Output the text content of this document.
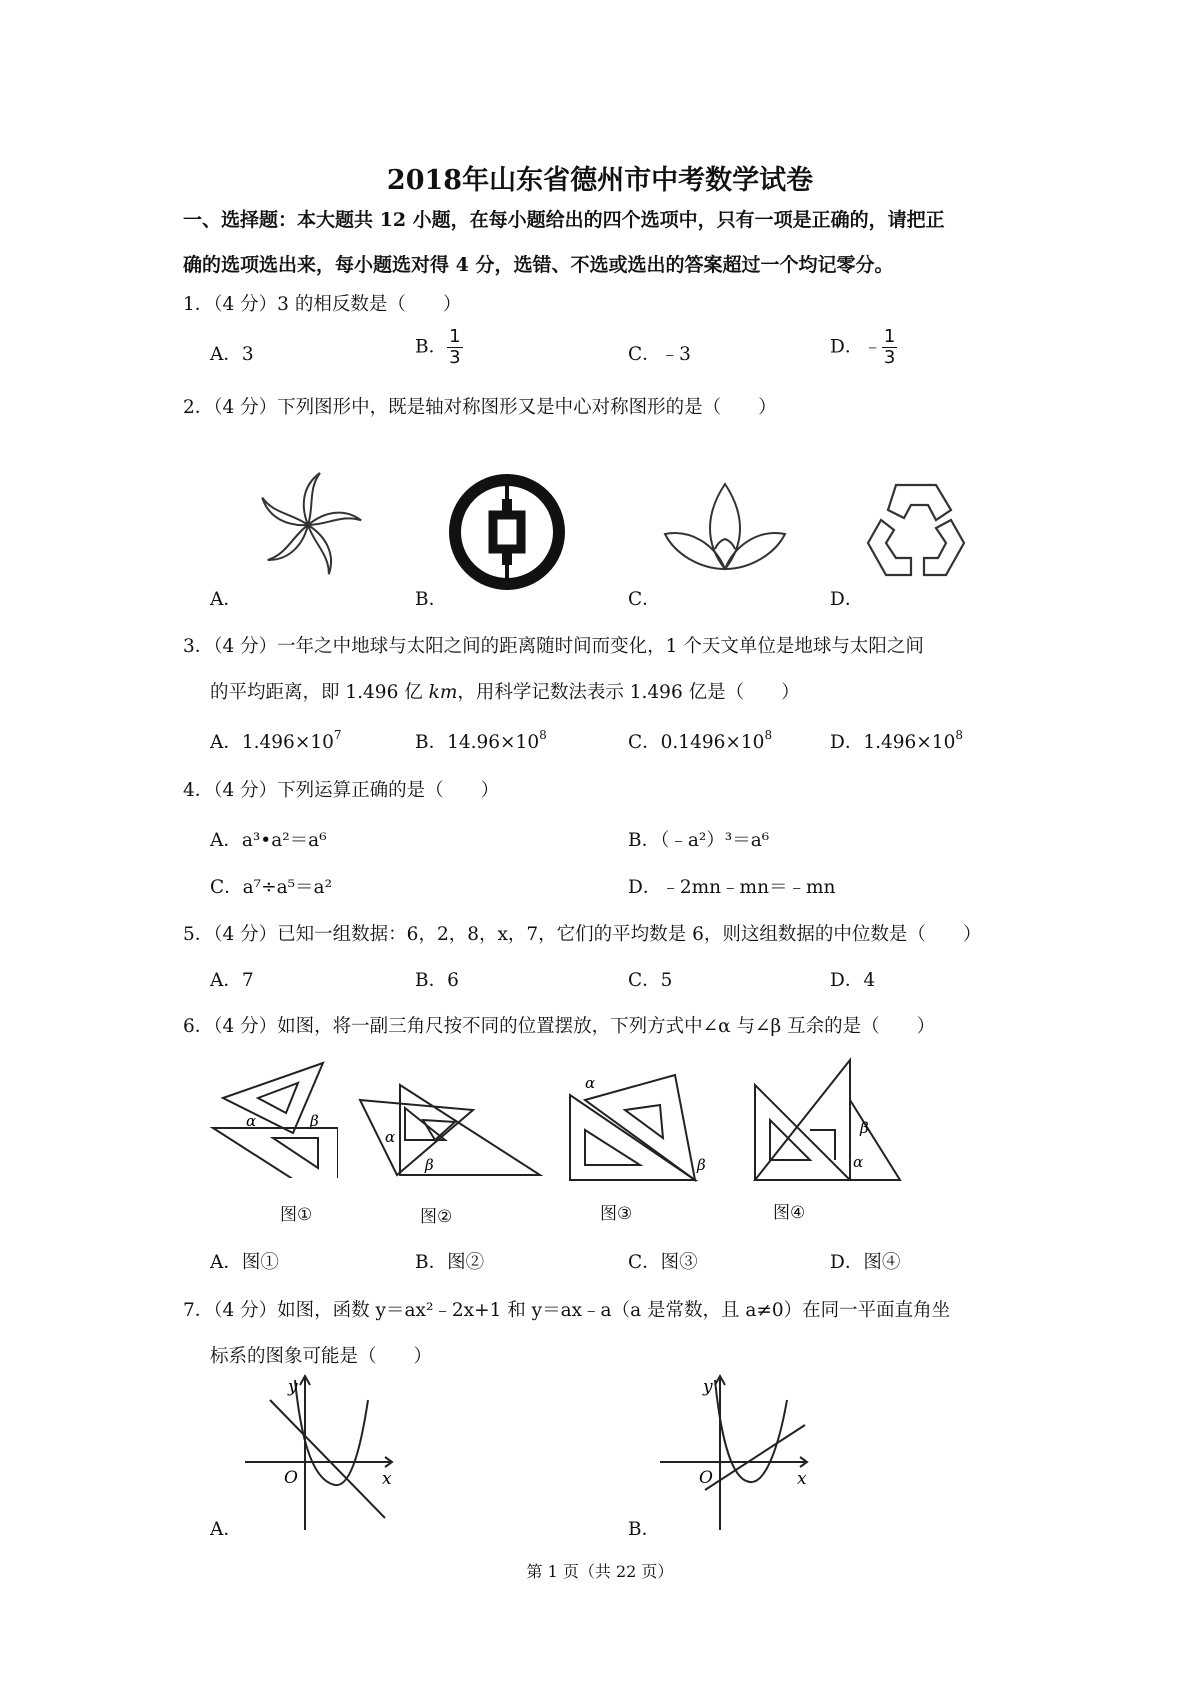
2018年山东省德州市中考数学试卷
一、选择题：本大题共 12 小题，在每小题给出的四个选项中，只有一项是正确的，请把正
确的选项选出来，每小题选对得 4 分，选错、不选或选出的答案超过一个均记零分。
1．（4 分）3 的相反数是（　　）
A．3	B． $\frac{1}{3}$	C．﹣3	D．﹣ $\frac{1}{3}$
2．（4 分）下列图形中，既是轴对称图形又是中心对称图形的是（　　）
A．	B．	C．	D．
3．（4 分）一年之中地球与太阳之间的距离随时间而变化，1 个天文单位是地球与太阳之间
的平均距离，即 1.496 亿 km，用科学记数法表示 1.496 亿是（　　）
A．$1.496\times 10^7$	B．$14.96\times 10^8$	C．$0.1496\times 10^8$	D．$1.496\times 10^8$
4．（4 分）下列运算正确的是（　　）
A．a³•a²＝a⁶	B．（﹣a²）³＝a⁶
C．a⁷÷a⁵＝a²	D．﹣2mn﹣mn＝﹣mn
5．（4 分）已知一组数据：6，2，8，x，7，它们的平均数是 6，则这组数据的中位数是（　　）
A．7	B．6	C．5	D．4
6．（4 分）如图，将一副三角尺按不同的位置摆放，下列方式中∠α 与∠β 互余的是（　　）
α	β
图①
α
β
图②
α
β
图③
β
α
图④
A．图①	B．图②	C．图③	D．图④
7．（4 分）如图，函数 y＝ax²﹣2x+1 和 y＝ax﹣a（a 是常数，且 a≠0）在同一平面直角坐
标系的图象可能是（　　）
y
x
O
A．
y
x
O
B．
第 1 页（共 22 页）
